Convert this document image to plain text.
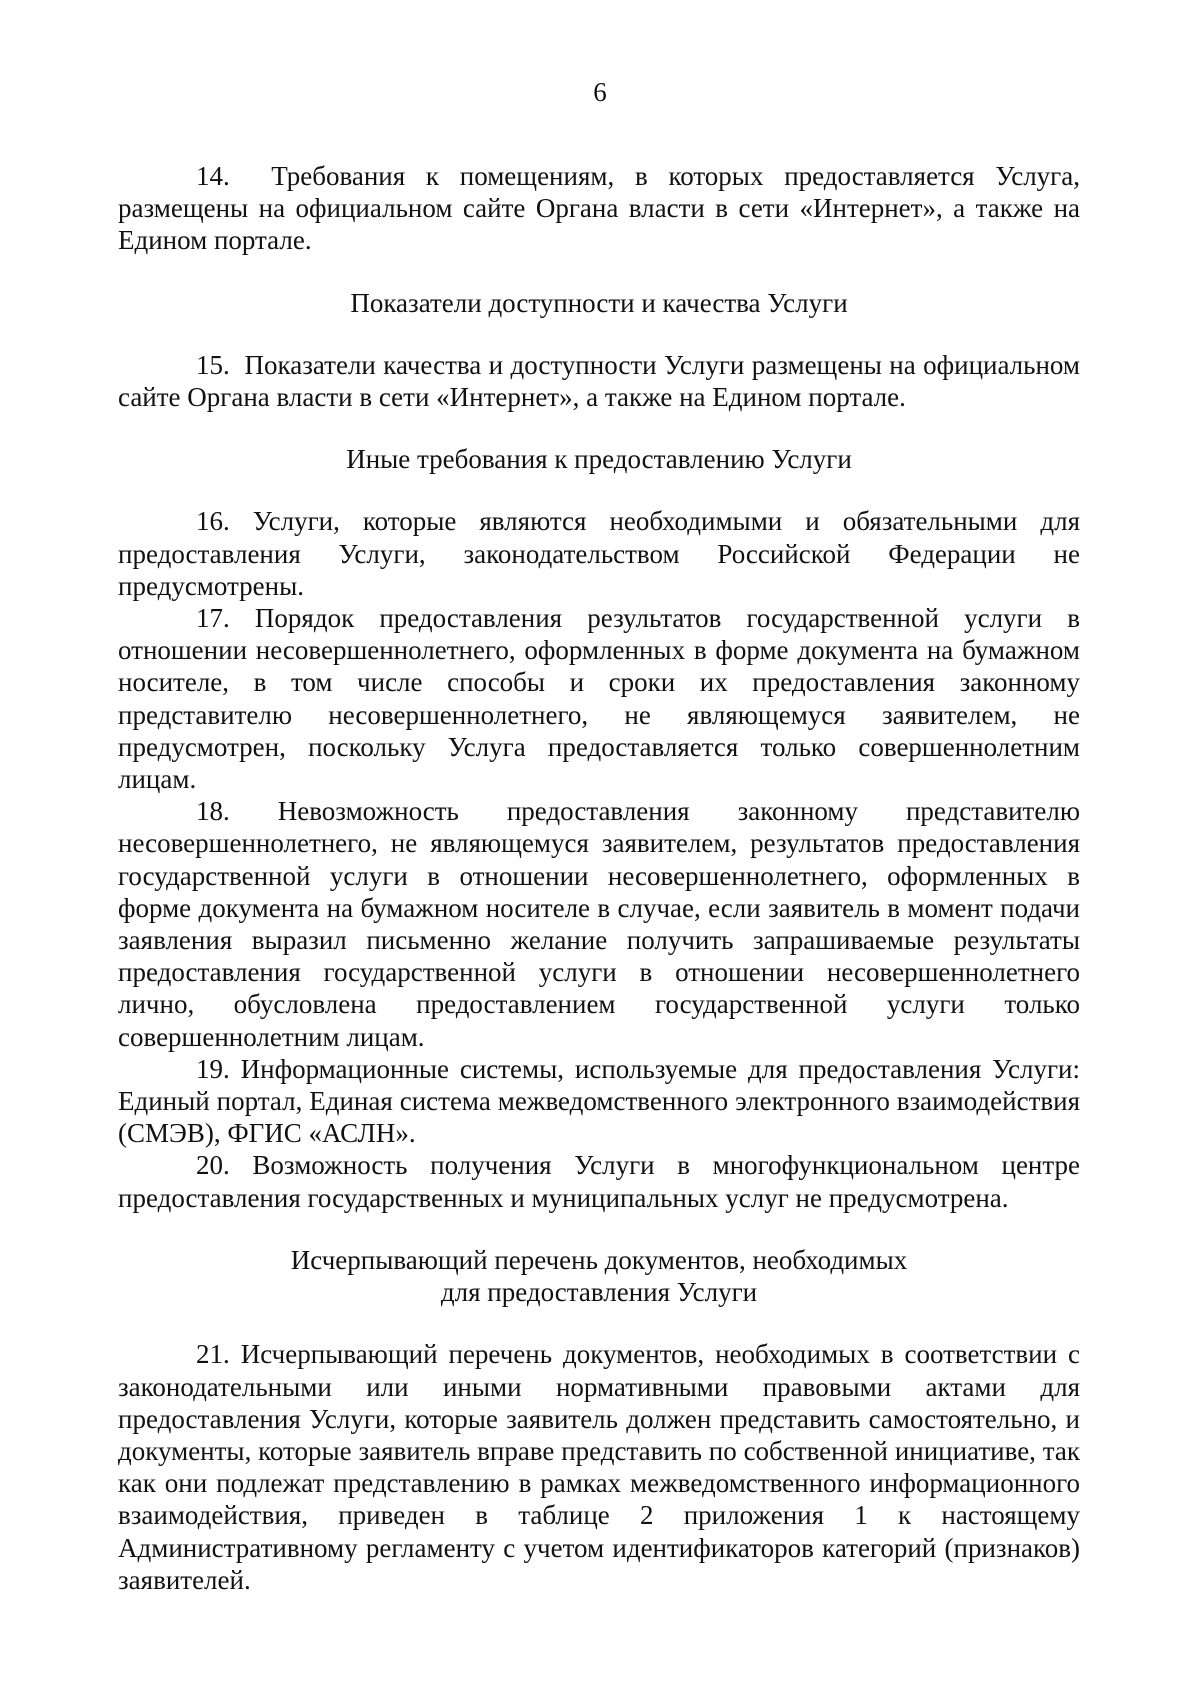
6

14.  Требования к помещениям, в которых предоставляется Услуга, размещены на официальном сайте Органа власти в сети «Интернет», а также на Едином портале.

Показатели доступности и качества Услуги

15.  Показатели качества и доступности Услуги размещены на официальном сайте Органа власти в сети «Интернет», а также на Едином портале.

Иные требования к предоставлению Услуги

16. Услуги, которые являются необходимыми и обязательными для предоставления Услуги, законодательством Российской Федерации не предусмотрены.

17. Порядок предоставления результатов государственной услуги в отношении несовершеннолетнего, оформленных в форме документа на бумажном носителе, в том числе способы и сроки их предоставления законному представителю несовершеннолетнего, не являющемуся заявителем, не предусмотрен, поскольку Услуга предоставляется только совершеннолетним лицам.

18. Невозможность предоставления законному представителю несовершеннолетнего, не являющемуся заявителем, результатов предоставления государственной услуги в отношении несовершеннолетнего, оформленных в форме документа на бумажном носителе в случае, если заявитель в момент подачи заявления выразил письменно желание получить запрашиваемые результаты предоставления государственной услуги в отношении несовершеннолетнего лично, обусловлена предоставлением государственной услуги только совершеннолетним лицам.

19. Информационные системы, используемые для предоставления Услуги: Единый портал, Единая система межведомственного электронного взаимодействия (СМЭВ), ФГИС «АСЛН».

20. Возможность получения Услуги в многофункциональном центре предоставления государственных и муниципальных услуг не предусмотрена.

Исчерпывающий перечень документов, необходимых для предоставления Услуги

21. Исчерпывающий перечень документов, необходимых в соответствии с законодательными или иными нормативными правовыми актами для предоставления Услуги, которые заявитель должен представить самостоятельно, и документы, которые заявитель вправе представить по собственной инициативе, так как они подлежат представлению в рамках межведомственного информационного взаимодействия, приведен в таблице 2 приложения 1 к настоящему Административному регламенту с учетом идентификаторов категорий (признаков) заявителей.
